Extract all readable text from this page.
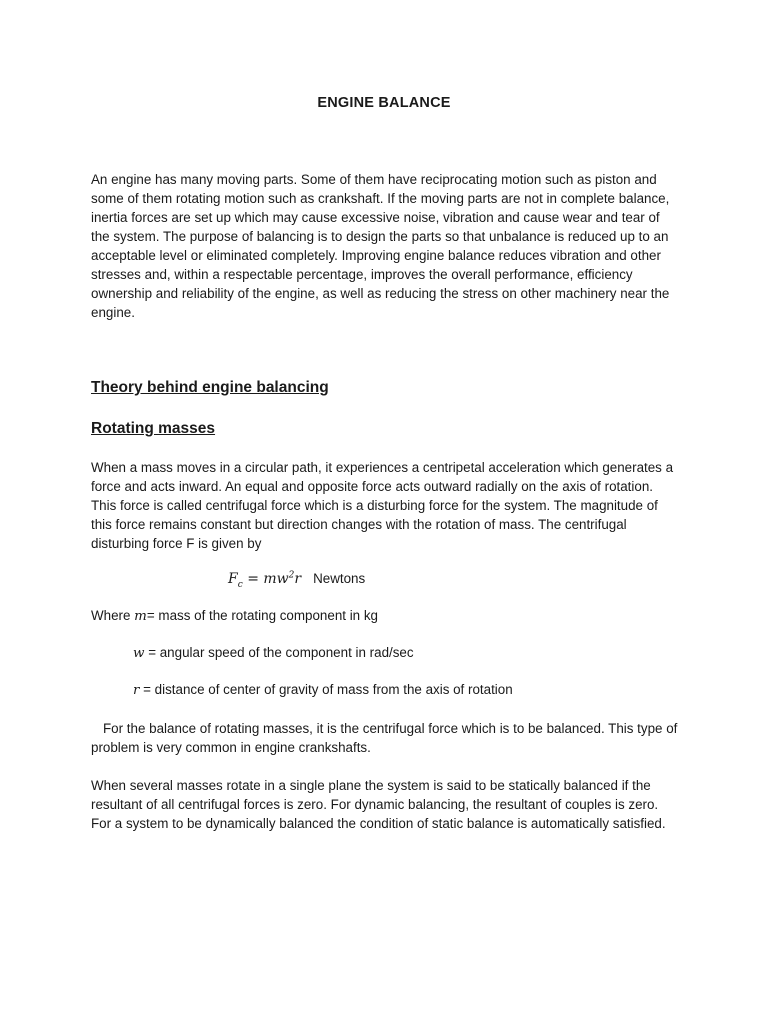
ENGINE BALANCE

An engine has many moving parts. Some of them have reciprocating motion such as piston and some of them rotating motion such as crankshaft. If the moving parts are not in complete balance, inertia forces are set up which may cause excessive noise, vibration and cause wear and tear of the system. The purpose of balancing is to design the parts so that unbalance is reduced up to an acceptable level or eliminated completely. Improving engine balance reduces vibration and other stresses and, within a respectable percentage, improves the overall performance, efficiency ownership and reliability of the engine, as well as reducing the stress on other machinery near the engine.

Theory behind engine balancing
Rotating masses

When a mass moves in a circular path, it experiences a centripetal acceleration which generates a force and acts inward. An equal and opposite force acts outward radially on the axis of rotation. This force is called centrifugal force which is a disturbing force for the system. The magnitude of this force remains constant but direction changes with the rotation of mass. The centrifugal disturbing force F is given by

$F_c = mw^2r$ Newtons
Where m= mass of the rotating component in kg
w = angular speed of the component in rad/sec
r = distance of center of gravity of mass from the axis of rotation

For the balance of rotating masses, it is the centrifugal force which is to be balanced. This type of problem is very common in engine crankshafts.

When several masses rotate in a single plane the system is said to be statically balanced if the resultant of all centrifugal forces is zero. For dynamic balancing, the resultant of couples is zero. For a system to be dynamically balanced the condition of static balance is automatically satisfied.
